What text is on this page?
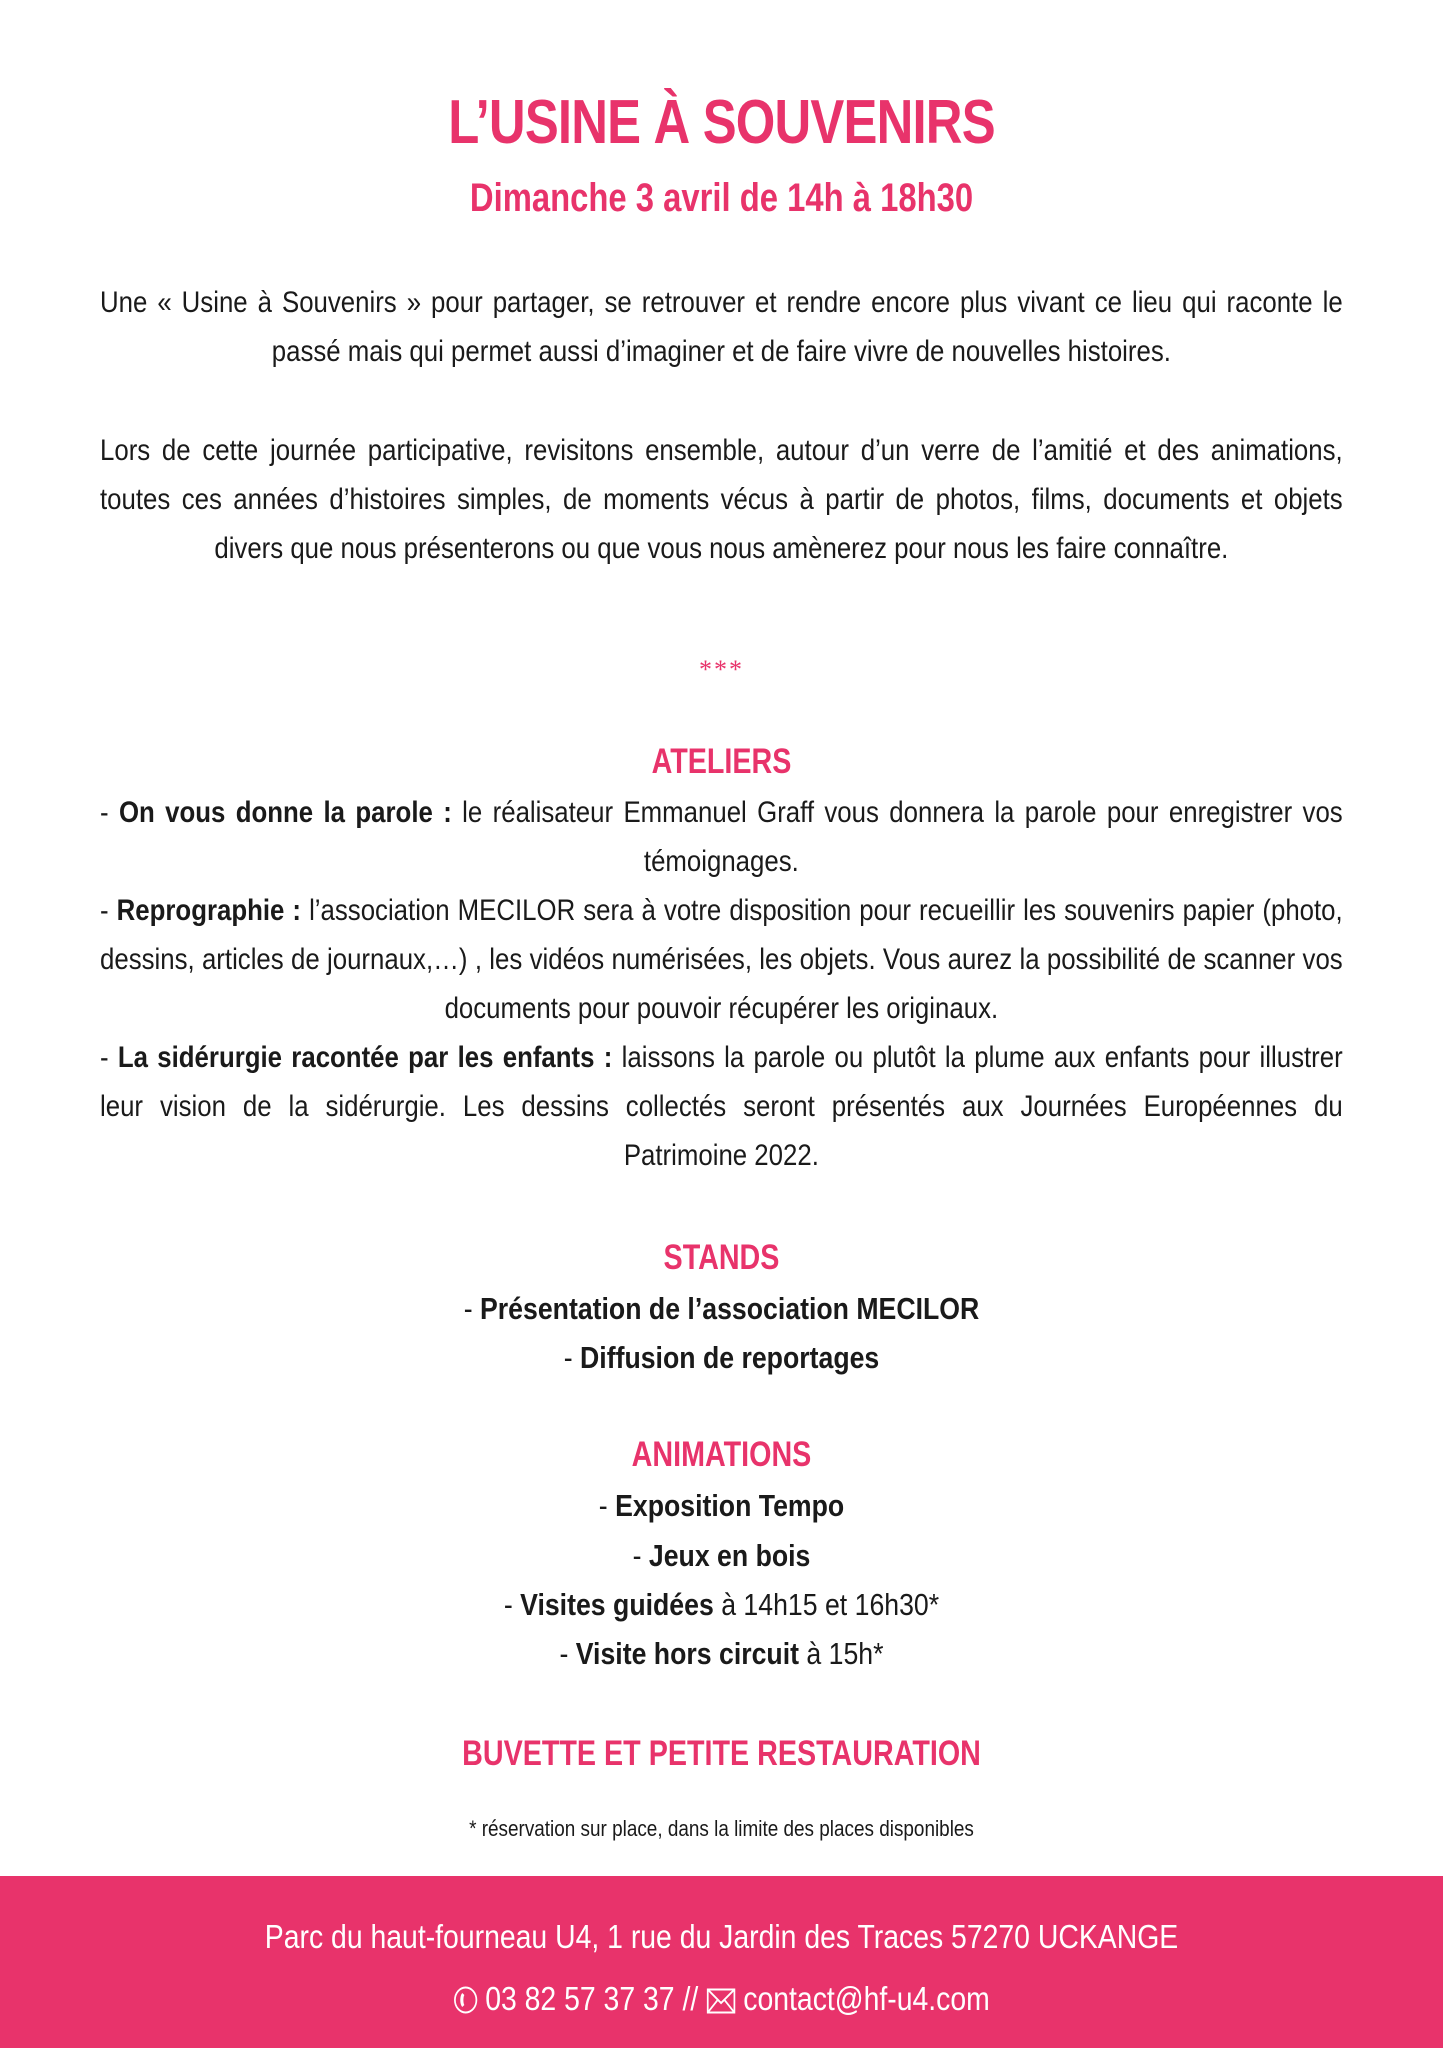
L’USINE À SOUVENIRS
Dimanche 3 avril de 14h à 18h30
Une « Usine à Souvenirs » pour partager, se retrouver et rendre encore plus vivant ce lieu qui raconte le passé mais qui permet aussi d’imaginer et de faire vivre de nouvelles histoires.
Lors de cette journée participative, revisitons ensemble, autour d’un verre de l’amitié et des animations, toutes ces années d’histoires simples, de moments vécus à partir de photos, films, documents et objets divers que nous présenterons ou que vous nous amènerez pour nous les faire connaître.
***
ATELIERS
- On vous donne la parole : le réalisateur Emmanuel Graff vous donnera la parole pour enregistrer vos témoignages.
- Reprographie : l’association MECILOR sera à votre disposition pour recueillir les souvenirs papier (photo, dessins, articles de journaux,…) , les vidéos numérisées, les objets. Vous aurez la possibilité de scanner vos documents pour pouvoir récupérer les originaux.
- La sidérurgie racontée par les enfants : laissons la parole ou plutôt la plume aux enfants pour illustrer leur vision de la sidérurgie. Les dessins collectés seront présentés aux Journées Européennes du Patrimoine 2022.
STANDS
- Présentation de l’association MECILOR
- Diffusion de reportages
ANIMATIONS
- Exposition Tempo
- Jeux en bois
- Visites guidées à 14h15 et 16h30*
- Visite hors circuit à 15h*
BUVETTE ET PETITE RESTAURATION
* réservation sur place, dans la limite des places disponibles
Parc du haut-fourneau U4, 1 rue du Jardin des Traces 57270 UCKANGE
03 82 57 37 37 //  contact@hf-u4.com
